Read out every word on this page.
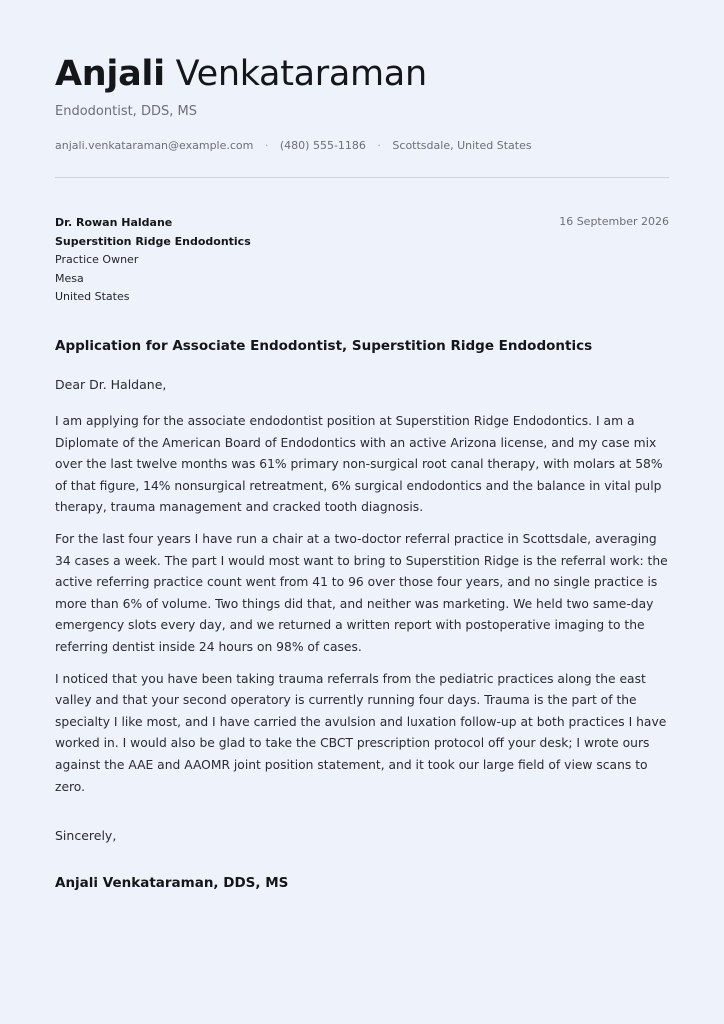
Anjali Venkataraman
Endodontist, DDS, MS
anjali.venkataraman@example.com · (480) 555-1186 · Scottsdale, United States
16 September 2026
Dr. Rowan Haldane
Superstition Ridge Endodontics
Practice Owner
Mesa
United States
Application for Associate Endodontist, Superstition Ridge Endodontics
Dear Dr. Haldane,

I am applying for the associate endodontist position at Superstition Ridge Endodontics. I am a Diplomate of the American Board of Endodontics with an active Arizona license, and my case mix over the last twelve months was 61% primary non-surgical root canal therapy, with molars at 58% of that figure, 14% nonsurgical retreatment, 6% surgical endodontics and the balance in vital pulp therapy, trauma management and cracked tooth diagnosis.

For the last four years I have run a chair at a two-doctor referral practice in Scottsdale, averaging 34 cases a week. The part I would most want to bring to Superstition Ridge is the referral work: the active referring practice count went from 41 to 96 over those four years, and no single practice is more than 6% of volume. Two things did that, and neither was marketing. We held two same-day emergency slots every day, and we returned a written report with postoperative imaging to the referring dentist inside 24 hours on 98% of cases.

I noticed that you have been taking trauma referrals from the pediatric practices along the east valley and that your second operatory is currently running four days. Trauma is the part of the specialty I like most, and I have carried the avulsion and luxation follow-up at both practices I have worked in. I would also be glad to take the CBCT prescription protocol off your desk; I wrote ours against the AAE and AAOMR joint position statement, and it took our large field of view scans to zero.

Sincerely,
Anjali Venkataraman, DDS, MS
